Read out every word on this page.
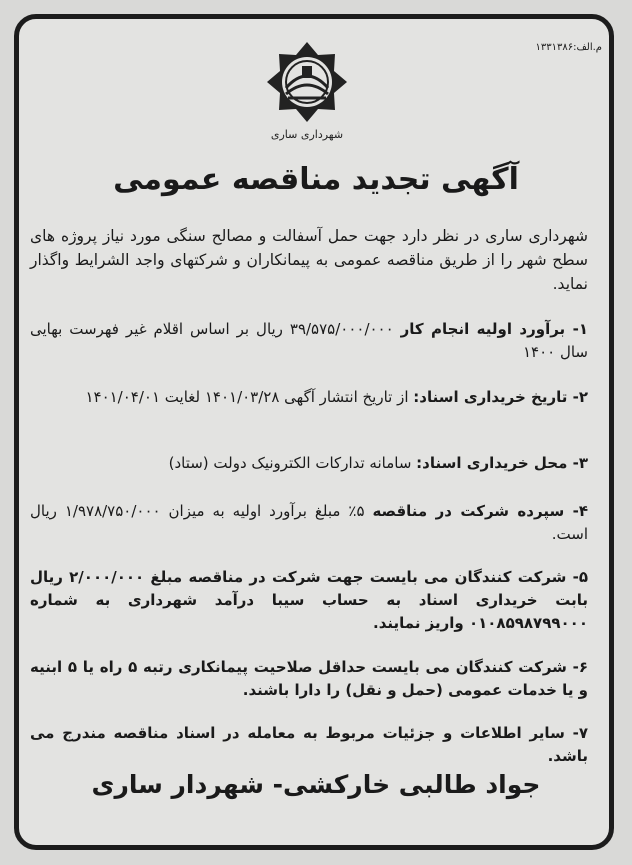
م.الف:۱۳۳۱۳۸۶
شهرداری ساری
آگهی تجدید مناقصه عمومی
شهرداری ساری در نظر دارد جهت حمل آسفالت و مصالح سنگی مورد نیاز پروژه های سطح شهر را از طریق مناقصه عمومی به پیمانکاران و شرکتهای واجد الشرایط واگذار نماید.
۱- برآورد اولیه انجام کار ۳۹/۵۷۵/۰۰۰/۰۰۰ ریال بر اساس اقلام غیر فهرست بهایی سال ۱۴۰۰
۲- تاریخ خریداری اسناد: از تاریخ انتشار آگهی ۱۴۰۱/۰۳/۲۸ لغایت ۱۴۰۱/۰۴/۰۱
۳- محل خریداری اسناد: سامانه تدارکات الکترونیک دولت (ستاد)
۴- سپرده شرکت در مناقصه ۵٪ مبلغ برآورد اولیه به میزان ۱/۹۷۸/۷۵۰/۰۰۰ ریال است.
۵- شرکت کنندگان می بایست جهت شرکت در مناقصه مبلغ ۲/۰۰۰/۰۰۰ ریال بابت خریداری اسناد به حساب سیبا درآمد شهرداری به شماره ۰۱۰۸۵۹۸۷۹۹۰۰۰ واریز نمایند.
۶- شرکت کنندگان می بایست حداقل صلاحیت پیمانکاری رتبه ۵ راه یا ۵ ابنیه و یا خدمات عمومی (حمل و نقل) را دارا باشند.
۷- سایر اطلاعات و جزئیات مربوط به معامله در اسناد مناقصه مندرج می باشد.
جواد طالبی خارکشی- شهردار ساری
